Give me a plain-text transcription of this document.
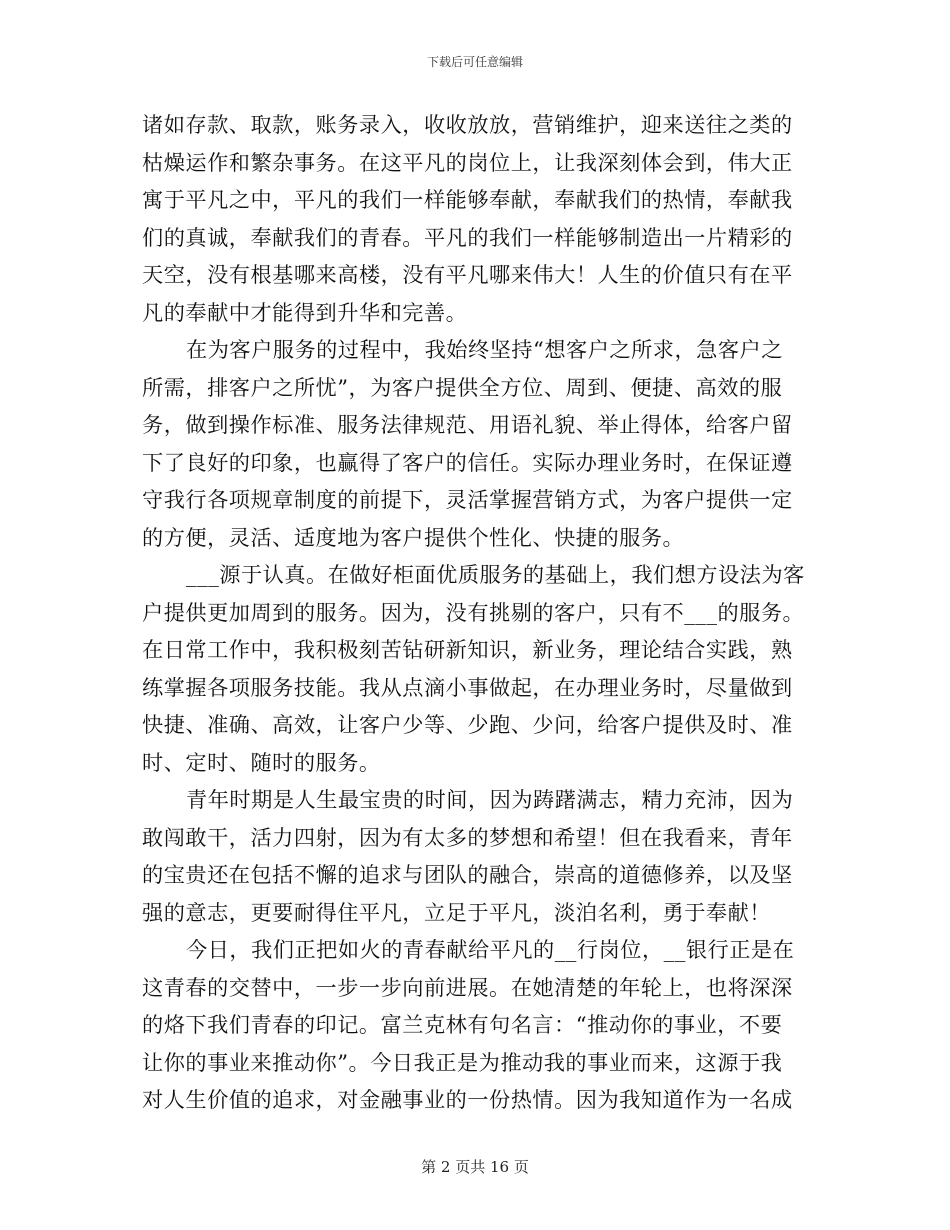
下载后可任意编辑
诸如存款、取款，账务录入，收收放放，营销维护，迎来送往之类的
枯燥运作和繁杂事务。在这平凡的岗位上，让我深刻体会到，伟大正
寓于平凡之中，平凡的我们一样能够奉献，奉献我们的热情，奉献我
们的真诚，奉献我们的青春。平凡的我们一样能够制造出一片精彩的
天空，没有根基哪来高楼，没有平凡哪来伟大！人生的价值只有在平
凡的奉献中才能得到升华和完善。
在为客户服务的过程中，我始终坚持“想客户之所求，急客户之
所需，排客户之所忧”，为客户提供全方位、周到、便捷、高效的服
务，做到操作标准、服务法律规范、用语礼貌、举止得体，给客户留
下了良好的印象，也赢得了客户的信任。实际办理业务时，在保证遵
守我行各项规章制度的前提下，灵活掌握营销方式，为客户提供一定
的方便，灵活、适度地为客户提供个性化、快捷的服务。
___源于认真。在做好柜面优质服务的基础上，我们想方设法为客
户提供更加周到的服务。因为，没有挑剔的客户，只有不___的服务。
在日常工作中，我积极刻苦钻研新知识，新业务，理论结合实践，熟
练掌握各项服务技能。我从点滴小事做起，在办理业务时，尽量做到
快捷、准确、高效，让客户少等、少跑、少问，给客户提供及时、准
时、定时、随时的服务。
青年时期是人生最宝贵的时间，因为踌躇满志，精力充沛，因为
敢闯敢干，活力四射，因为有太多的梦想和希望！但在我看来，青年
的宝贵还在包括不懈的追求与团队的融合，崇高的道德修养，以及坚
强的意志，更要耐得住平凡，立足于平凡，淡泊名利，勇于奉献！
今日，我们正把如火的青春献给平凡的__行岗位，__银行正是在
这青春的交替中，一步一步向前进展。在她清楚的年轮上，也将深深
的烙下我们青春的印记。富兰克林有句名言：“推动你的事业，不要
让你的事业来推动你”。今日我正是为推动我的事业而来，这源于我
对人生价值的追求，对金融事业的一份热情。因为我知道作为一名成
第 2 页共 16 页
